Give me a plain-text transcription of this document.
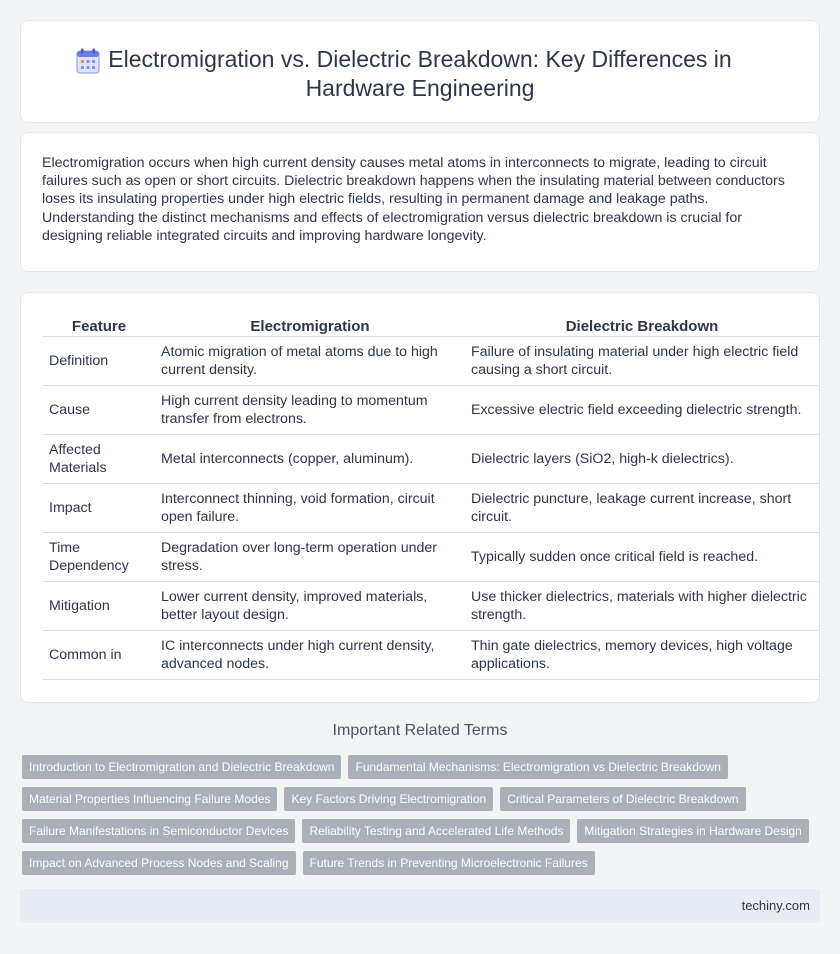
Electromigration vs. Dielectric Breakdown: Key Differences in Hardware Engineering

Electromigration occurs when high current density causes metal atoms in interconnects to migrate, leading to circuit failures such as open or short circuits. Dielectric breakdown happens when the insulating material between conductors loses its insulating properties under high electric fields, resulting in permanent damage and leakage paths. Understanding the distinct mechanisms and effects of electromigration versus dielectric breakdown is crucial for designing reliable integrated circuits and improving hardware longevity.

Feature	Electromigration	Dielectric Breakdown
Definition	Atomic migration of metal atoms due to high current density.	Failure of insulating material under high electric field causing a short circuit.
Cause	High current density leading to momentum transfer from electrons.	Excessive electric field exceeding dielectric strength.
Affected Materials	Metal interconnects (copper, aluminum).	Dielectric layers (SiO2, high-k dielectrics).
Impact	Interconnect thinning, void formation, circuit open failure.	Dielectric puncture, leakage current increase, short circuit.
Time Dependency	Degradation over long-term operation under stress.	Typically sudden once critical field is reached.
Mitigation	Lower current density, improved materials, better layout design.	Use thicker dielectrics, materials with higher dielectric strength.
Common in	IC interconnects under high current density, advanced nodes.	Thin gate dielectrics, memory devices, high voltage applications.
Important Related Terms
Introduction to Electromigration and Dielectric Breakdown	Fundamental Mechanisms: Electromigration vs Dielectric Breakdown
Material Properties Influencing Failure Modes	Key Factors Driving Electromigration	Critical Parameters of Dielectric Breakdown
Failure Manifestations in Semiconductor Devices	Reliability Testing and Accelerated Life Methods	Mitigation Strategies in Hardware Design
Impact on Advanced Process Nodes and Scaling	Future Trends in Preventing Microelectronic Failures
techiny.com
